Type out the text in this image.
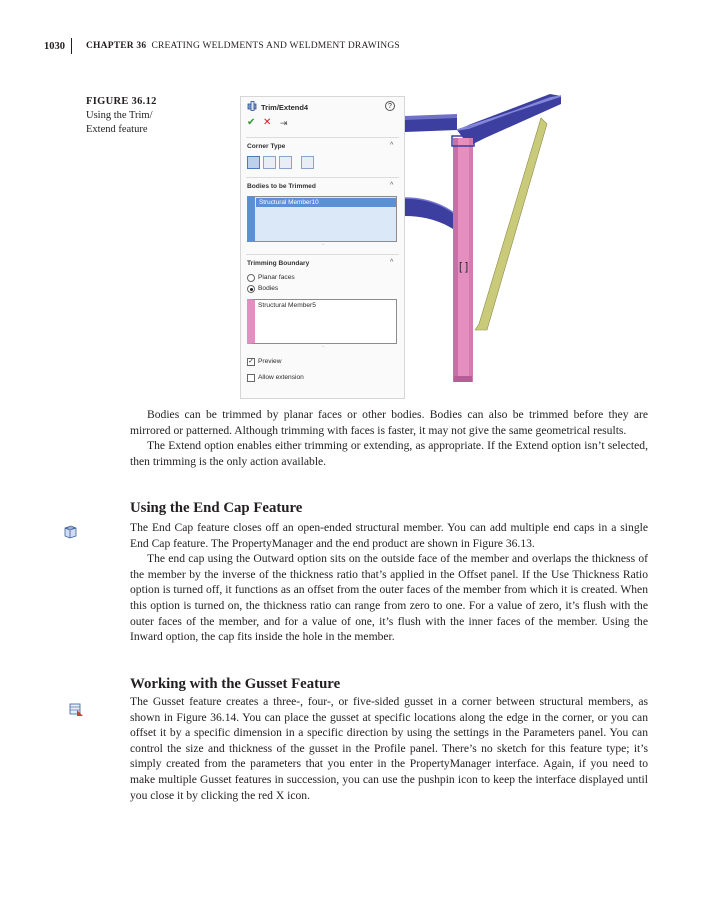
1030 CHAPTER 36 CREATING WELDMENTS AND WELDMENT DRAWINGS
FIGURE 36.12
Using the Trim/
Extend feature
Trim/Extend4	?
✔ ✕ ⇥
Corner Type	^
Bodies to be Trimmed	^
Structural Member10
◦
Trimming Boundary	^
Planar faces
Bodies
Structural Member5
◦
✓ Preview
Allow extension
[ ]

Bodies can be trimmed by planar faces or other bodies. Bodies can also be trimmed before they are mirrored or patterned. Although trimming with faces is faster, it may not give the same geometrical results.

The Extend option enables either trimming or extending, as appropriate. If the Extend option isn’t selected, then trimming is the only action available.

Using the End Cap Feature

The End Cap feature closes off an open-ended structural member. You can add multiple end caps in a single End Cap feature. The PropertyManager and the end product are shown in Figure 36.13.

The end cap using the Outward option sits on the outside face of the member and overlaps the thickness of the member by the inverse of the thickness ratio that’s applied in the Offset panel. If the Use Thickness Ratio option is turned off, it functions as an offset from the outer faces of the member from which it is created. When this option is turned on, the thickness ratio can range from zero to one. For a value of zero, it’s flush with the outer faces of the member, and for a value of one, it’s flush with the inner faces of the member. Using the Inward option, the cap fits inside the hole in the member.

Working with the Gusset Feature

The Gusset feature creates a three-, four-, or five-sided gusset in a corner between structural members, as shown in Figure 36.14. You can place the gusset at specific locations along the edge in the corner, or you can offset it by a specific dimension in a specific direction by using the settings in the Parameters panel. You can control the size and thickness of the gusset in the Profile panel. There’s no sketch for this feature type; it’s simply created from the parameters that you enter in the PropertyManager interface. Again, if you need to make multiple Gusset features in succession, you can use the pushpin icon to keep the interface displayed until you close it by clicking the red X icon.
